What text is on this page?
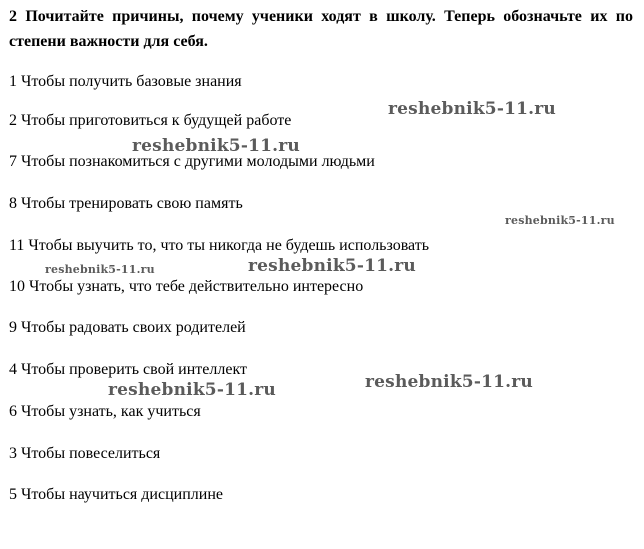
2 Почитайте причины, почему ученики ходят в школу. Теперь обозначьте их по степени важности для себя.

1 Чтобы получить базовые знания
2 Чтобы приготовиться к будущей работе
7 Чтобы познакомиться с другими молодыми людьми
8 Чтобы тренировать свою память
11 Чтобы выучить то, что ты никогда не будешь использовать
10 Чтобы узнать, что тебе действительно интересно
9 Чтобы радовать своих родителей
4 Чтобы проверить свой интеллект
6 Чтобы узнать, как учиться
3 Чтобы повеселиться
5 Чтобы научиться дисциплине
reshebnik5-11.ru
reshebnik5-11.ru
reshebnik5-11.ru
reshebnik5-11.ru	reshebnik5-11.ru
reshebnik5-11.ru
reshebnik5-11.ru
